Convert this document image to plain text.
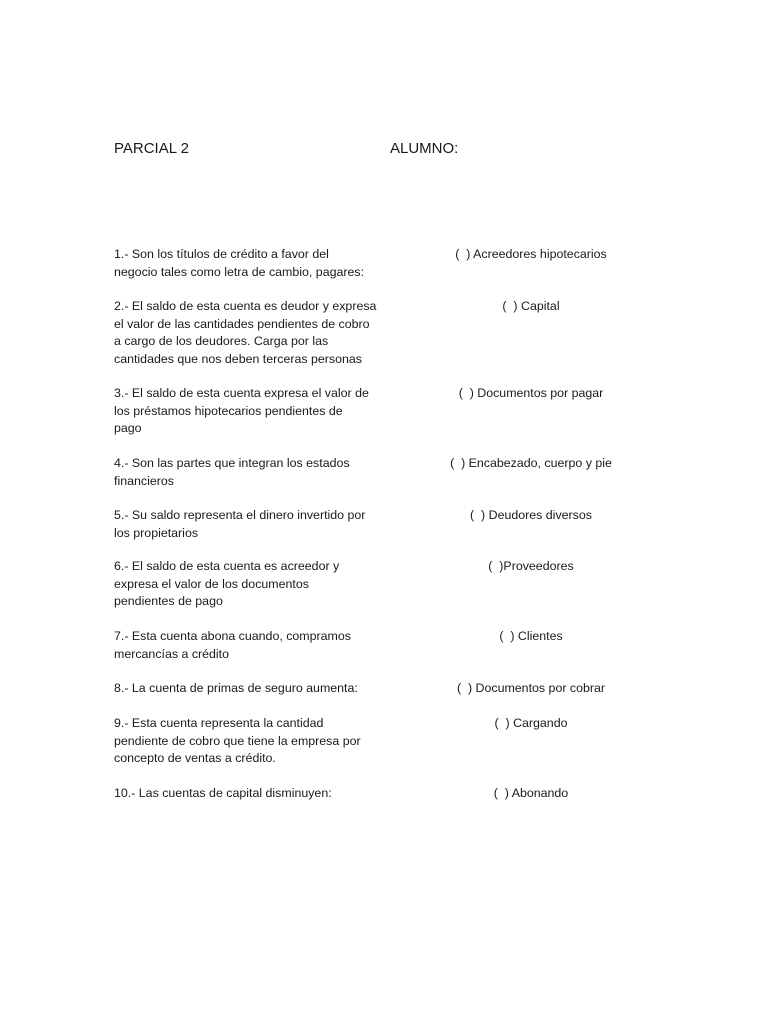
PARCIAL 2	ALUMNO:
1.- Son los títulos de crédito a favor del
negocio tales como letra de cambio, pagares:
(  ) Acreedores hipotecarios
2.- El saldo de esta cuenta es deudor y expresa
el valor de las cantidades pendientes de cobro
a cargo de los deudores. Carga por las
cantidades que nos deben terceras personas
(  ) Capital
3.- El saldo de esta cuenta expresa el valor de
los préstamos hipotecarios pendientes de
pago
(  ) Documentos por pagar
4.- Son las partes que integran los estados
financieros
(  ) Encabezado, cuerpo y pie
5.- Su saldo representa el dinero invertido por
los propietarios
(  ) Deudores diversos
6.- El saldo de esta cuenta es acreedor y
expresa el valor de los documentos
pendientes de pago
(  )Proveedores
7.- Esta cuenta abona cuando, compramos
mercancías a crédito
(  ) Clientes
8.- La cuenta de primas de seguro aumenta:	(  ) Documentos por cobrar
9.- Esta cuenta representa la cantidad
pendiente de cobro que tiene la empresa por
concepto de ventas a crédito.
(  ) Cargando
10.- Las cuentas de capital disminuyen:	(  ) Abonando
